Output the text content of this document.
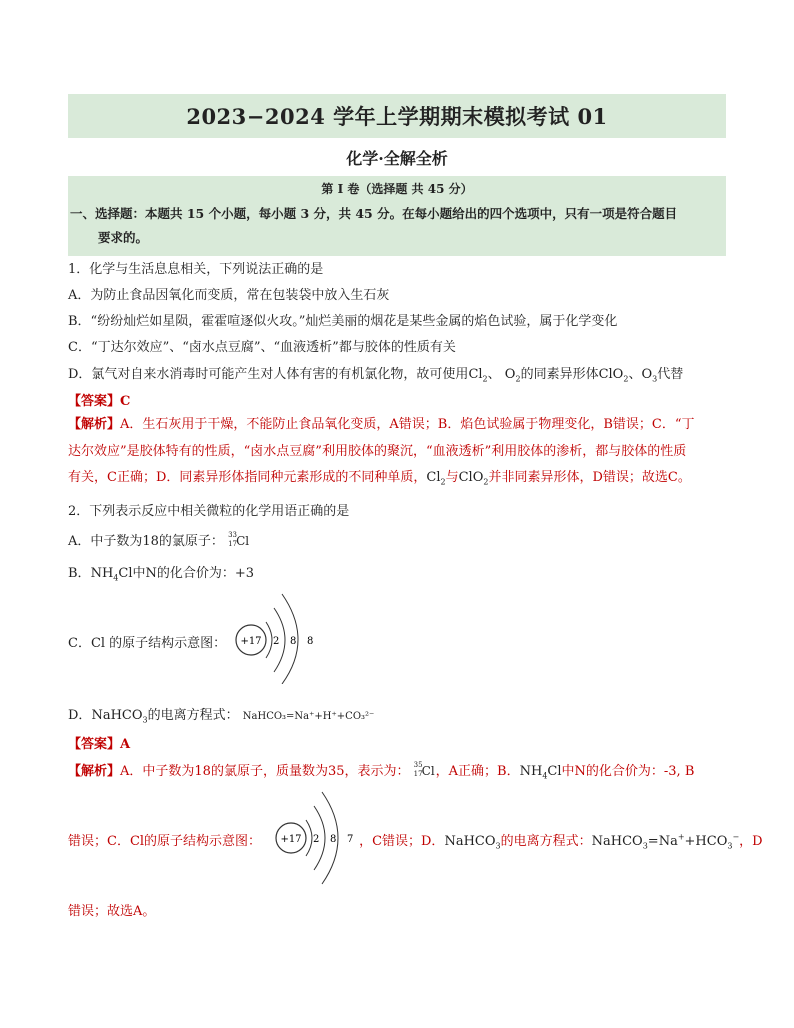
2023−2024 学年上学期期末模拟考试 01
化学·全解全析
第 I 卷（选择题 共 45 分）
一、选择题：本题共 15 个小题，每小题 3 分，共 45 分。在每小题给出的四个选项中，只有一项是符合题目
要求的。
1．化学与生活息息相关，下列说法正确的是
A．为防止食品因氧化而变质，常在包装袋中放入生石灰
B．“纷纷灿烂如星陨，霍霍喧逐似火攻。”灿烂美丽的烟花是某些金属的焰色试验，属于化学变化
C．“丁达尔效应”、“卤水点豆腐”、“血液透析”都与胶体的性质有关
D．氯气对自来水消毒时可能产生对人体有害的有机氯化物，故可使用$Cl_2$、 $O_2$的同素异形体ClO$_2$、$O_3$代替
【答案】C
【解析】A．生石灰用于干燥，不能防止食品氧化变质，A错误；B．焰色试验属于物理变化，B错误；C．“丁
达尔效应”是胶体特有的性质，“卤水点豆腐”利用胶体的聚沉，“血液透析”利用胶体的渗析，都与胶体的性质
有关，C正确；D．同素异形体指同种元素形成的不同种单质，$Cl_2$与ClO$_2$并非同素异形体，D错误；故选C。
2．下列表示反应中相关微粒的化学用语正确的是
A．中子数为18的氯原子： 33
17 Cl
B．$NH_4Cl$中N的化合价为：+3
C．Cl 的原子结构示意图： +17 2 8 8
D．NaHCO$_3$的电离方程式： NaHCO₃=Na⁺+H⁺+CO₃²⁻
【答案】A
【解析】A．中子数为18的氯原子，质量数为35，表示为： 35
17 Cl ，A正确；B．$NH_4Cl$中N的化合价为：-3, B
错误；C．Cl的原子结构示意图：	，C错误；D．NaHCO$_3$的电离方程式：$NaHCO_3=Na^++HCO_3^-$，D
+17 2 8 7
错误；故选A。
